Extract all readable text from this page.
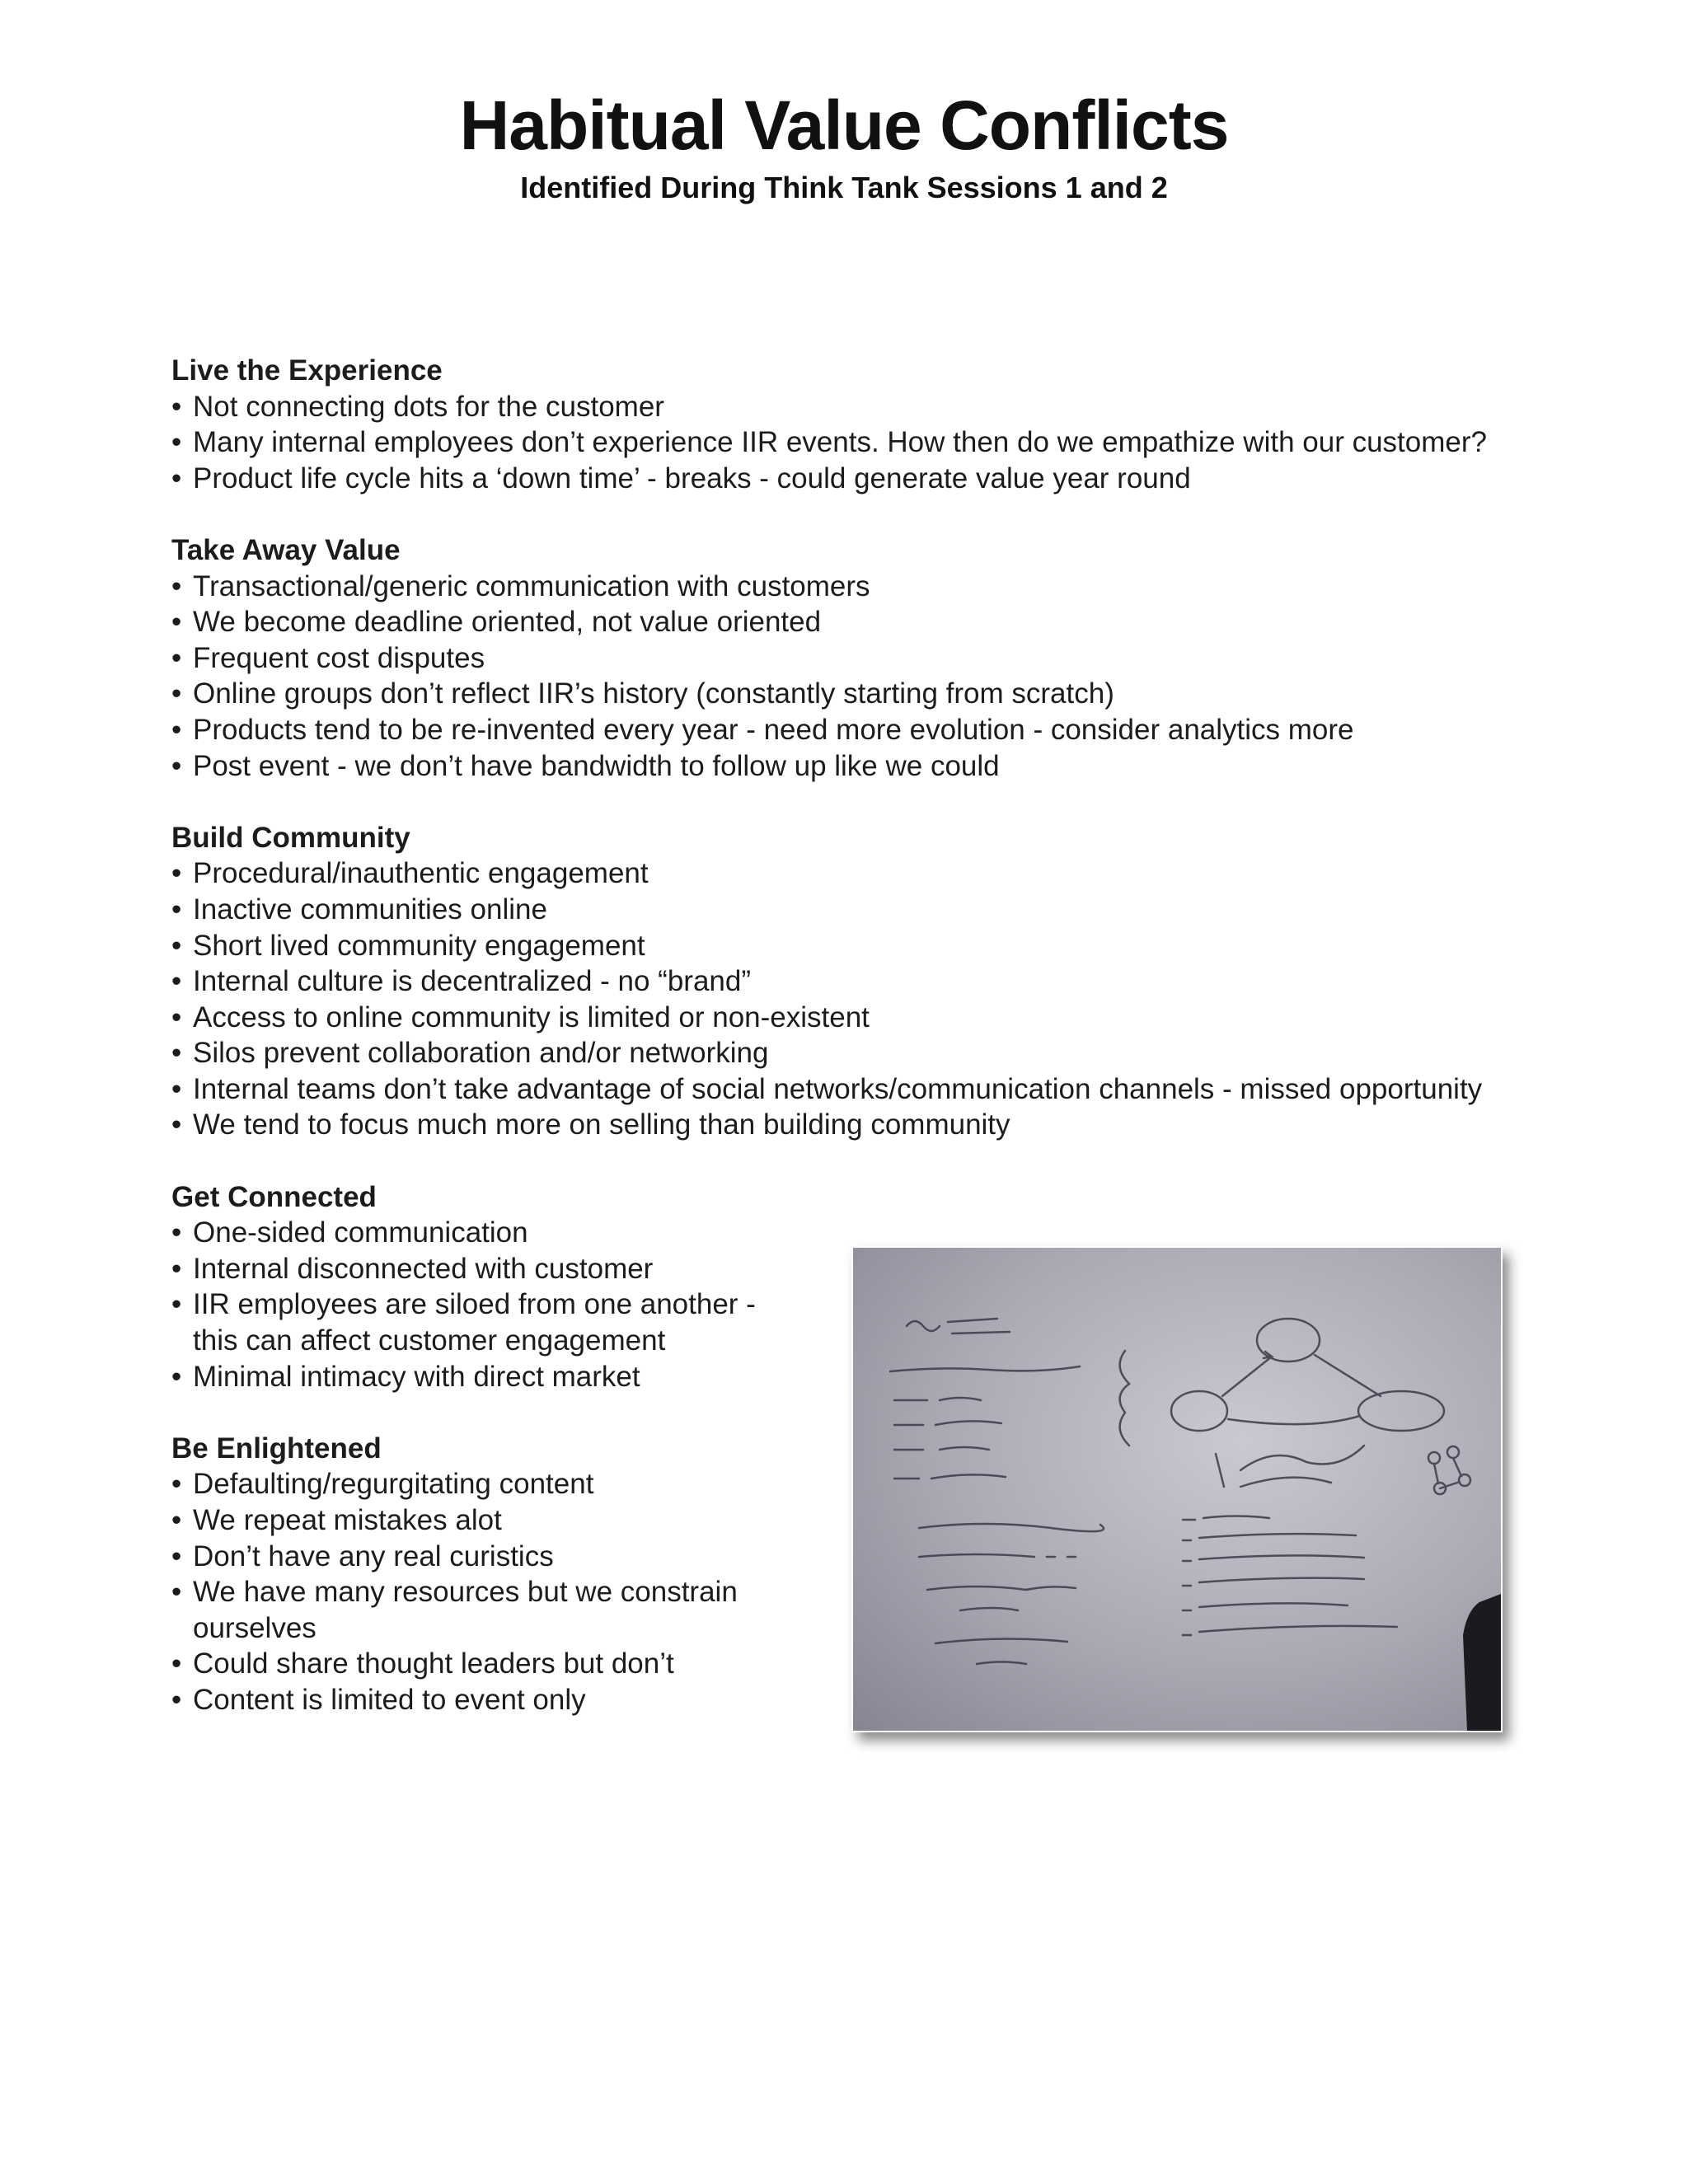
Habitual Value Conflicts

Identified During Think Tank Sessions 1 and 2

Live the Experience
• Not connecting dots for the customer
• Many internal employees don’t experience IIR events. How then do we empathize with our customer?
• Product life cycle hits a ‘down time’ - breaks - could generate value year round
Take Away Value
• Transactional/generic communication with customers
• We become deadline oriented, not value oriented
• Frequent cost disputes
• Online groups don’t reflect IIR’s history (constantly starting from scratch)
• Products tend to be re-invented every year - need more evolution - consider analytics more
• Post event - we don’t have bandwidth to follow up like we could
Build Community
• Procedural/inauthentic engagement
• Inactive communities online
• Short lived community engagement
• Internal culture is decentralized - no “brand”
• Access to online community is limited or non-existent
• Silos prevent collaboration and/or networking
• Internal teams don’t take advantage of social networks/communication channels - missed opportunity
• We tend to focus much more on selling than building community
Get Connected
• One-sided communication
• Internal disconnected with customer
• IIR employees are siloed from one another - this can affect customer engagement
• Minimal intimacy with direct market
Be Enlightened
• Defaulting/regurgitating content
• We repeat mistakes alot
• Don’t have any real curistics
• We have many resources but we constrain ourselves
• Could share thought leaders but don’t
• Content is limited to event only
